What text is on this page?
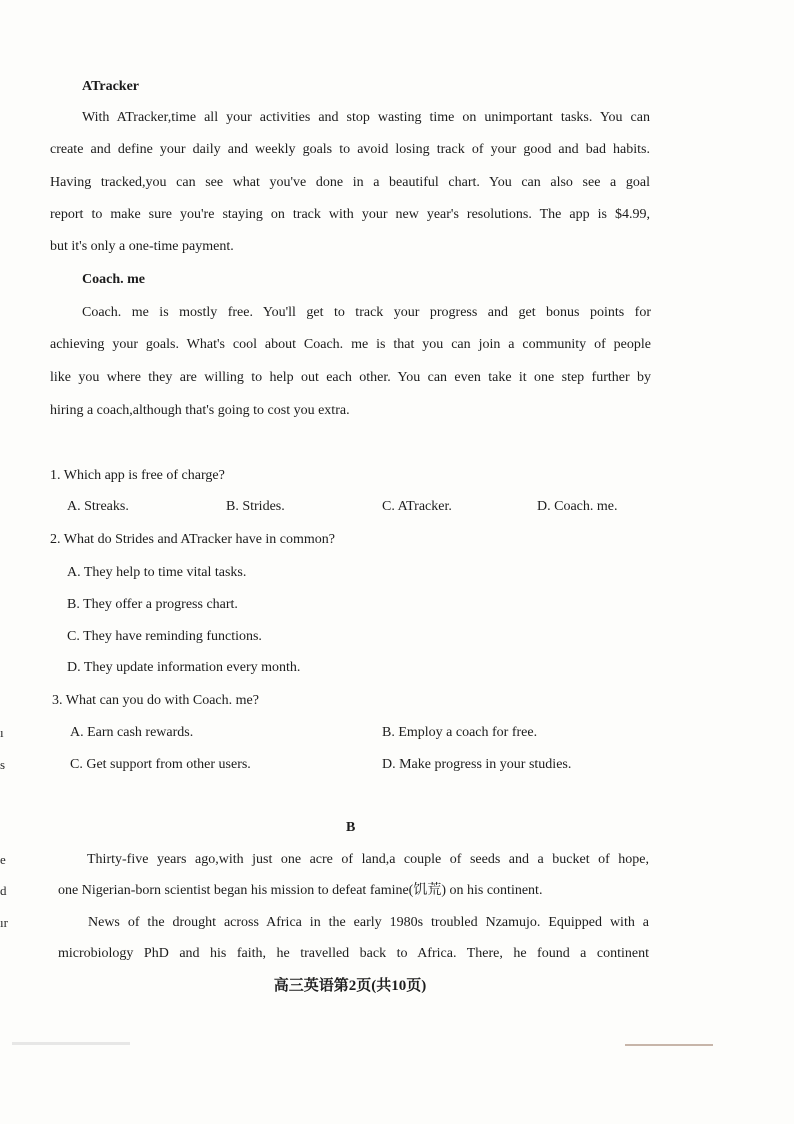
ATracker
With ATracker,time all your activities and stop wasting time on unimportant tasks. You can
create and define your daily and weekly goals to avoid losing track of your good and bad habits.
Having tracked,you can see what you've done in a beautiful chart. You can also see a goal
report to make sure you're staying on track with your new year's resolutions. The app is $4.99,
but it's only a one-time payment.
Coach. me
Coach. me is mostly free. You'll get to track your progress and get bonus points for
achieving your goals. What's cool about Coach. me is that you can join a community of people
like you where they are willing to help out each other. You can even take it one step further by
hiring a coach,although that's going to cost you extra.
1. Which app is free of charge?
A. Streaks.	B. Strides.	C. ATracker.	D. Coach. me.
2. What do Strides and ATracker have in common?
A. They help to time vital tasks.
B. They offer a progress chart.
C. They have reminding functions.
D. They update information every month.
3. What can you do with Coach. me?
A. Earn cash rewards.	B. Employ a coach for free.
C. Get support from other users.	D. Make progress in your studies.
B
Thirty-five years ago,with just one acre of land,a couple of seeds and a bucket of hope,
one Nigerian-born scientist began his mission to defeat famine(饥荒) on his continent.
News of the drought across Africa in the early 1980s troubled Nzamujo. Equipped with a
microbiology PhD and his faith, he travelled back to Africa. There, he found a continent
高三英语第2页(共10页)
ı
s
e
d
ır
